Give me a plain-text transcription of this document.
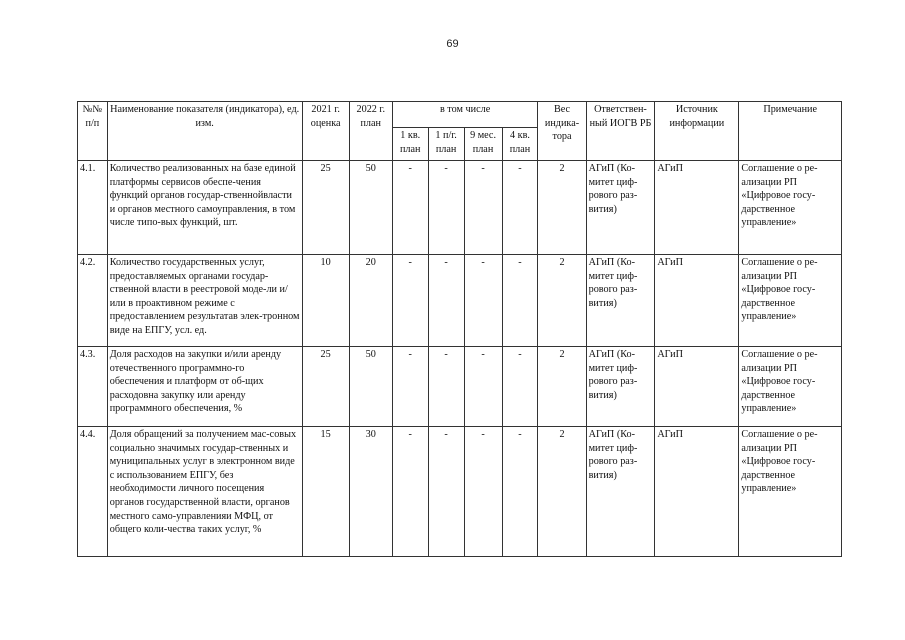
69
№№ п/п	Наименование показателя (индикатора), ед. изм.	2021 г. оценка	2022 г. план	в том числе				Вес индика-тора	Ответствен-ный ИОГВ РБ	Источник информации	Примечание
				1 кв. план	1 п/г. план	9 мес. план	4 кв. план				
4.1.	Количество реализованных на базе единой платформы сервисов обеспе-чения функций органов государ-ственнойвласти и органов местного самоуправления, в том числе типо-вых функций, шт.	25	50	-	-	-	-	2	АГиП (Ко-митет циф-рового раз-вития)	АГиП	Соглашение о ре-ализации РП «Цифровое госу-дарственное управление»
4.2.	Количество государственных услуг, предоставляемых органами государ-ственной власти в реестровой моде-ли и/или в проактивном режиме с предоставлением результатав элек-тронном виде на ЕПГУ, усл. ед.	10	20	-	-	-	-	2	АГиП (Ко-митет циф-рового раз-вития)	АГиП	Соглашение о ре-ализации РП «Цифровое госу-дарственное управление»
4.3.	Доля расходов на закупки и/или аренду отечественного программно-го обеспечения и платформ от об-щих расходовна закупку или аренду программного обеспечения, %	25	50	-	-	-	-	2	АГиП (Ко-митет циф-рового раз-вития)	АГиП	Соглашение о ре-ализации РП «Цифровое госу-дарственное управление»
4.4.	Доля обращений за получением мас-совых социально значимых государ-ственных и муниципальных услуг в электронном виде с использованием ЕПГУ, без необходимости личного посещения органов государственной власти, органов местного само-управленияи МФЦ, от общего коли-чества таких услуг, %	15	30	-	-	-	-	2	АГиП (Ко-митет циф-рового раз-вития)	АГиП	Соглашение о ре-ализации РП «Цифровое госу-дарственное управление»
